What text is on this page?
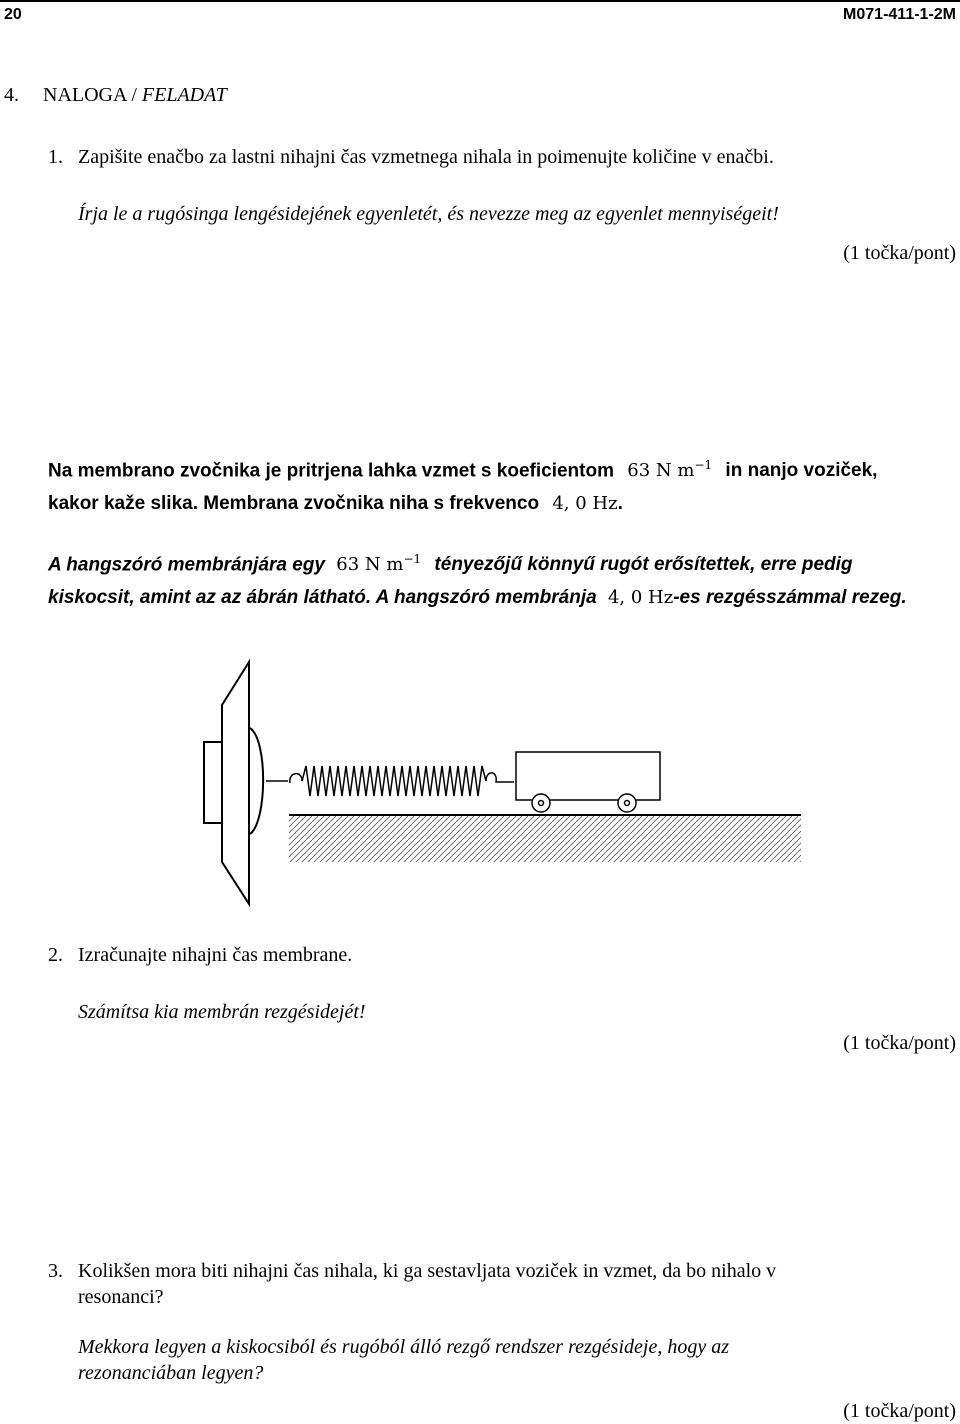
20	M071-411-1-2M
4. NALOGA / FELADAT
1. Zapišite enačbo za lastni nihajni čas vzmetnega nihala in poimenujte količine v enačbi.
Írja le a rugósinga lengésidejének egyenletét, és nevezze meg az egyenlet mennyiségeit!
(1 točka/pont)
Na membrano zvočnika je pritrjena lahka vzmet s koeficientom 63 N $m^{-1}$ in nanjo voziček,
kakor kaže slika. Membrana zvočnika niha s frekvenco 4, 0 Hz.
A hangszóró membránjára egy 63 N $m^{-1}$ tényezőjű könnyű rugót erősítettek, erre pedig
kiskocsit, amint az az ábrán látható. A hangszóró membránja 4, 0 Hz-es rezgésszámmal rezeg.
2. Izračunajte nihajni čas membrane.
Számítsa kia membrán rezgésidejét!
(1 točka/pont)
3. Kolikšen mora biti nihajni čas nihala, ki ga sestavljata voziček in vzmet, da bo nihalo v
resonanci?
Mekkora legyen a kiskocsiból és rugóból álló rezgő rendszer rezgésideje, hogy az
rezonanciában legyen?
(1 točka/pont)
